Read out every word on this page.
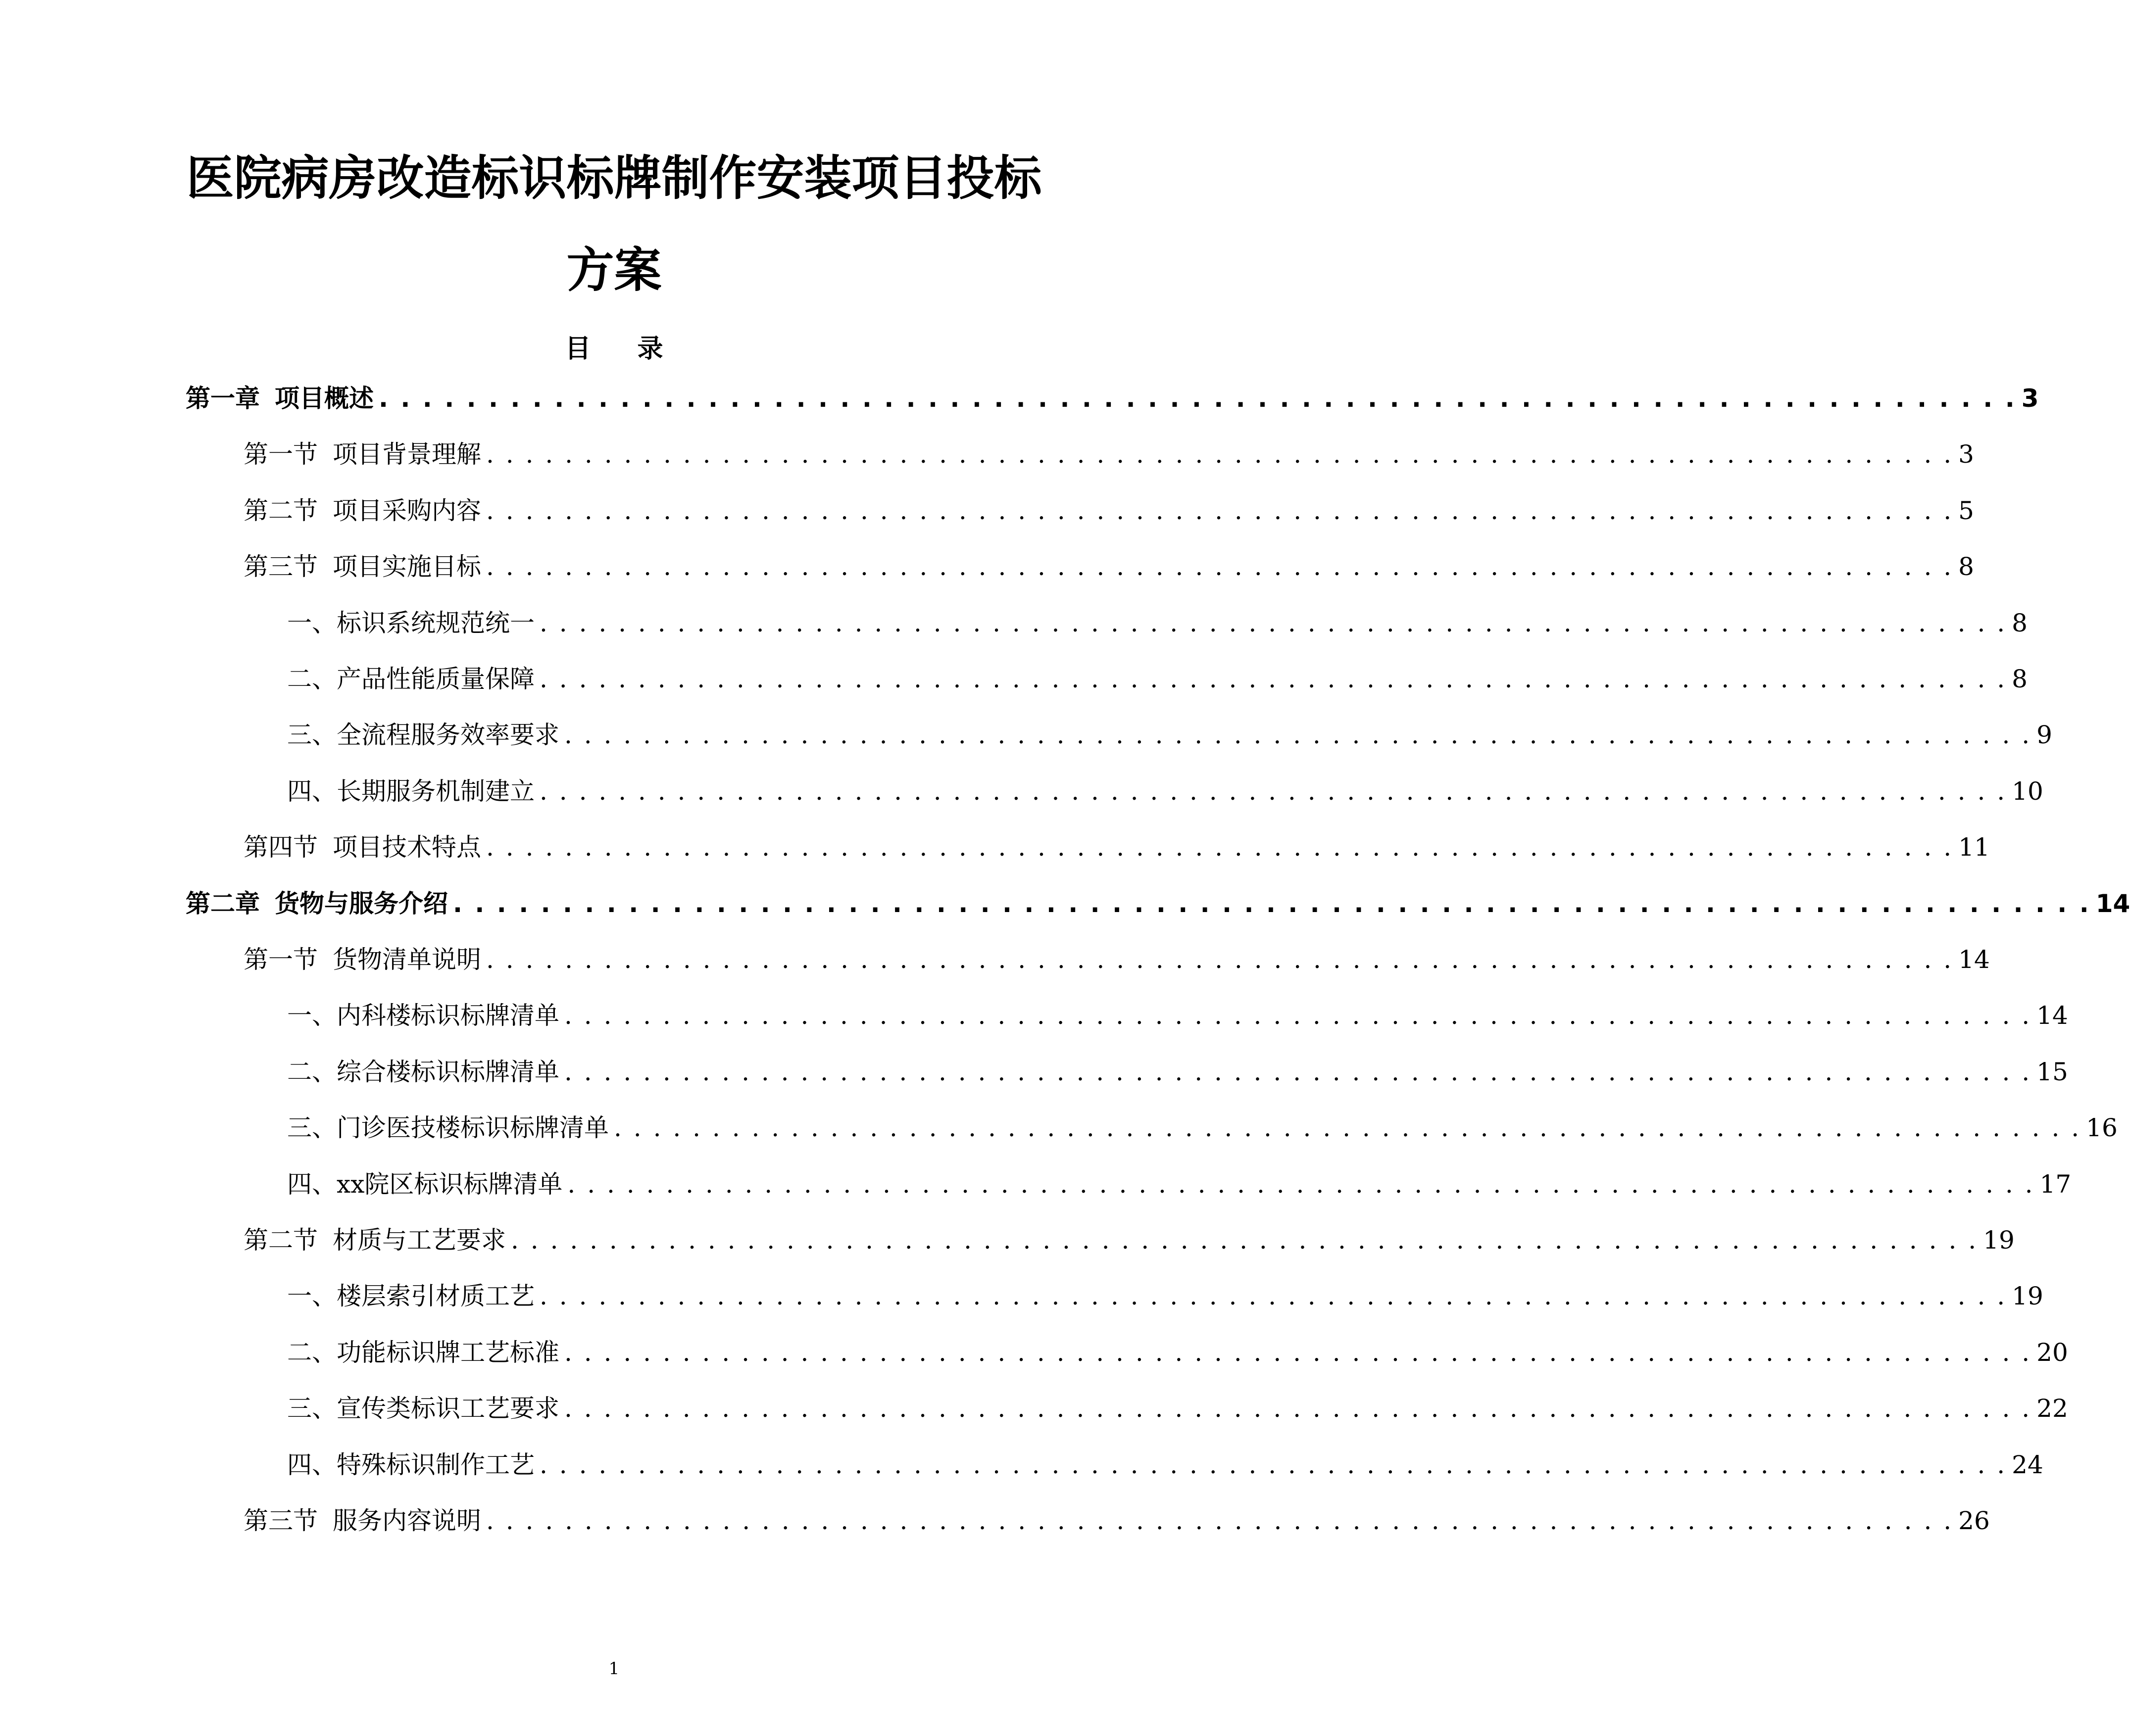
医院病房改造标识标牌制作安装项目投标
方案
目 录
第一章 项目概述 . . . . . . . . . . . . . . . . . . . . . . . . . . . . . . . . . . . . . . . . . . . . . . . . . . . . . . . . . . . . . . . . . . . . . . . . . . . 3
第一节 项目背景理解 . . . . . . . . . . . . . . . . . . . . . . . . . . . . . . . . . . . . . . . . . . . . . . . . . . . . . . . . . . . . . . . . . . . . . . . . . . . 3
第二节 项目采购内容 . . . . . . . . . . . . . . . . . . . . . . . . . . . . . . . . . . . . . . . . . . . . . . . . . . . . . . . . . . . . . . . . . . . . . . . . . . . 5
第三节 项目实施目标 . . . . . . . . . . . . . . . . . . . . . . . . . . . . . . . . . . . . . . . . . . . . . . . . . . . . . . . . . . . . . . . . . . . . . . . . . . . 8
一、 标识系统规范统一 . . . . . . . . . . . . . . . . . . . . . . . . . . . . . . . . . . . . . . . . . . . . . . . . . . . . . . . . . . . . . . . . . . . . . . . . . . . 8
二、 产品性能质量保障 . . . . . . . . . . . . . . . . . . . . . . . . . . . . . . . . . . . . . . . . . . . . . . . . . . . . . . . . . . . . . . . . . . . . . . . . . . . 8
三、 全流程服务效率要求 . . . . . . . . . . . . . . . . . . . . . . . . . . . . . . . . . . . . . . . . . . . . . . . . . . . . . . . . . . . . . . . . . . . . . . . . . . . 9
四、 长期服务机制建立 . . . . . . . . . . . . . . . . . . . . . . . . . . . . . . . . . . . . . . . . . . . . . . . . . . . . . . . . . . . . . . . . . . . . . . . . . . . 10
第四节 项目技术特点 . . . . . . . . . . . . . . . . . . . . . . . . . . . . . . . . . . . . . . . . . . . . . . . . . . . . . . . . . . . . . . . . . . . . . . . . . . . 11
第二章 货物与服务介绍 . . . . . . . . . . . . . . . . . . . . . . . . . . . . . . . . . . . . . . . . . . . . . . . . . . . . . . . . . . . . . . . . . . . . . . . . . . . 14
第一节 货物清单说明 . . . . . . . . . . . . . . . . . . . . . . . . . . . . . . . . . . . . . . . . . . . . . . . . . . . . . . . . . . . . . . . . . . . . . . . . . . . 14
一、 内科楼标识标牌清单 . . . . . . . . . . . . . . . . . . . . . . . . . . . . . . . . . . . . . . . . . . . . . . . . . . . . . . . . . . . . . . . . . . . . . . . . . . . 14
二、 综合楼标识标牌清单 . . . . . . . . . . . . . . . . . . . . . . . . . . . . . . . . . . . . . . . . . . . . . . . . . . . . . . . . . . . . . . . . . . . . . . . . . . . 15
三、 门诊医技楼标识标牌清单 . . . . . . . . . . . . . . . . . . . . . . . . . . . . . . . . . . . . . . . . . . . . . . . . . . . . . . . . . . . . . . . . . . . . . . . . . . . 16
四、 xx院区标识标牌清单 . . . . . . . . . . . . . . . . . . . . . . . . . . . . . . . . . . . . . . . . . . . . . . . . . . . . . . . . . . . . . . . . . . . . . . . . . . . 17
第二节 材质与工艺要求 . . . . . . . . . . . . . . . . . . . . . . . . . . . . . . . . . . . . . . . . . . . . . . . . . . . . . . . . . . . . . . . . . . . . . . . . . . . 19
一、 楼层索引材质工艺 . . . . . . . . . . . . . . . . . . . . . . . . . . . . . . . . . . . . . . . . . . . . . . . . . . . . . . . . . . . . . . . . . . . . . . . . . . . 19
二、 功能标识牌工艺标准 . . . . . . . . . . . . . . . . . . . . . . . . . . . . . . . . . . . . . . . . . . . . . . . . . . . . . . . . . . . . . . . . . . . . . . . . . . . 20
三、 宣传类标识工艺要求 . . . . . . . . . . . . . . . . . . . . . . . . . . . . . . . . . . . . . . . . . . . . . . . . . . . . . . . . . . . . . . . . . . . . . . . . . . . 22
四、 特殊标识制作工艺 . . . . . . . . . . . . . . . . . . . . . . . . . . . . . . . . . . . . . . . . . . . . . . . . . . . . . . . . . . . . . . . . . . . . . . . . . . . 24
第三节 服务内容说明 . . . . . . . . . . . . . . . . . . . . . . . . . . . . . . . . . . . . . . . . . . . . . . . . . . . . . . . . . . . . . . . . . . . . . . . . . . . 26
1
